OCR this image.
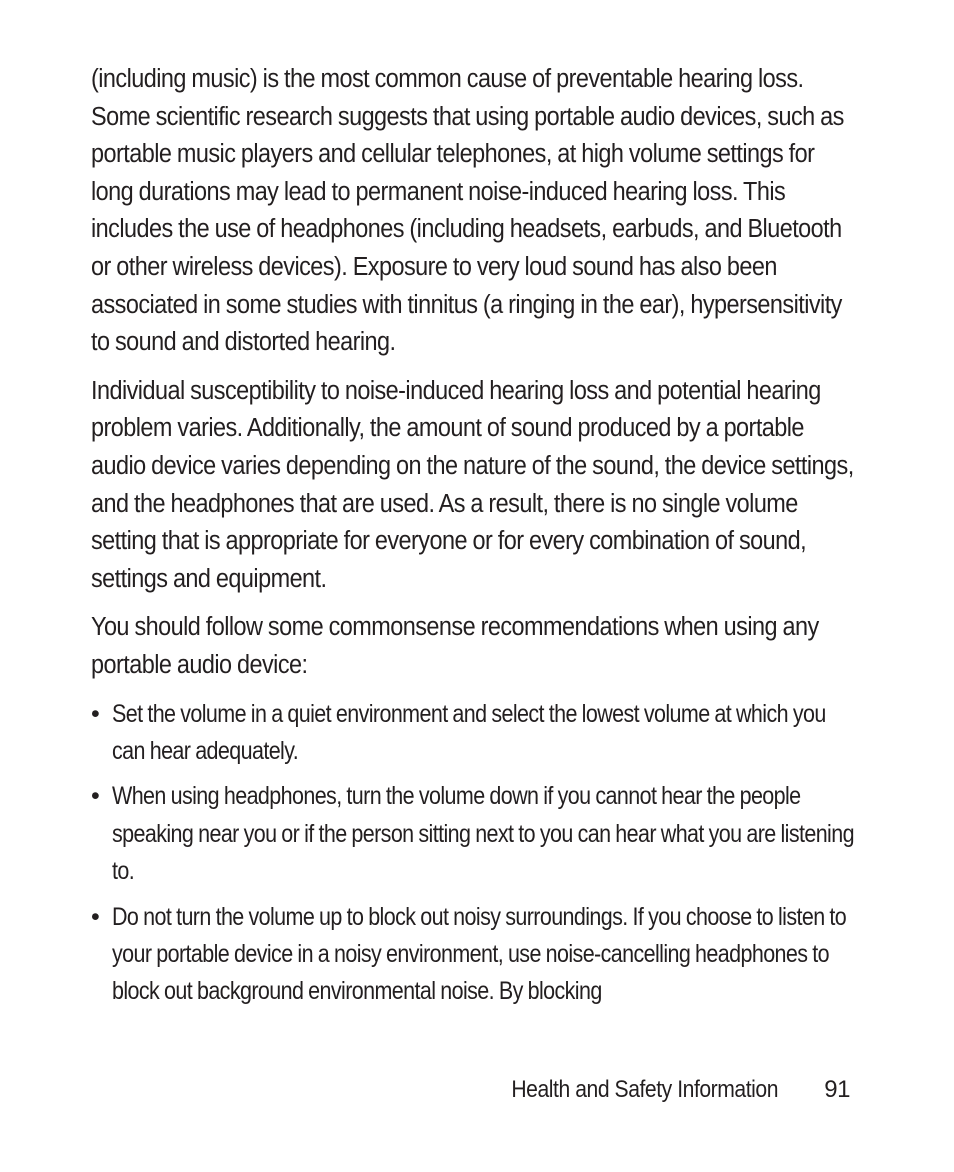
(including music) is the most common cause of preventable hearing loss. Some scientific research suggests that using portable audio devices, such as portable music players and cellular telephones, at high volume settings for long durations may lead to permanent noise-induced hearing loss. This includes the use of headphones (including headsets, earbuds, and Bluetooth or other wireless devices). Exposure to very loud sound has also been associated in some studies with tinnitus (a ringing in the ear), hypersensitivity to sound and distorted hearing.

Individual susceptibility to noise-induced hearing loss and potential hearing problem varies. Additionally, the amount of sound produced by a portable audio device varies depending on the nature of the sound, the device settings, and the headphones that are used. As a result, there is no single volume setting that is appropriate for everyone or for every combination of sound, settings and equipment.

You should follow some commonsense recommendations when using any portable audio device:

• Set the volume in a quiet environment and select the lowest volume at which you can hear adequately.
• When using headphones, turn the volume down if you cannot hear the people speaking near you or if the person sitting next to you can hear what you are listening to.
• Do not turn the volume up to block out noisy surroundings. If you choose to listen to your portable device in a noisy environment, use noise-cancelling headphones to block out background environmental noise. By blocking
Health and Safety Information 91
